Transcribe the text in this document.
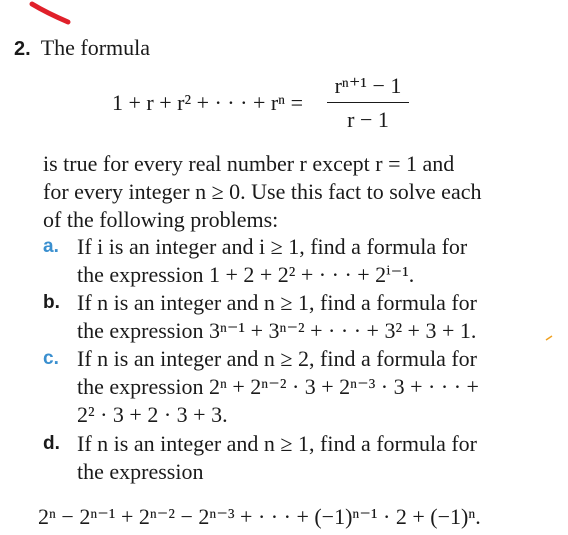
2. The formula
1 + r + r² + · · · + rⁿ =
rⁿ⁺¹ − 1
r − 1

is true for every real number r except r = 1 and

for every integer n ≥ 0. Use this fact to solve each

of the following problems:

a. If i is an integer and i ≥ 1, find a formula for
the expression 1 + 2 + 2² + · · · + 2ⁱ⁻¹.
b. If n is an integer and n ≥ 1, find a formula for
the expression 3ⁿ⁻¹ + 3ⁿ⁻² + · · · + 3² + 3 + 1.
c. If n is an integer and n ≥ 2, find a formula for
the expression 2ⁿ + 2ⁿ⁻² · 3 + 2ⁿ⁻³ · 3 + · · · +
2² · 3 + 2 · 3 + 3.
d. If n is an integer and n ≥ 1, find a formula for
the expression
2ⁿ − 2ⁿ⁻¹ + 2ⁿ⁻² − 2ⁿ⁻³ + · · · + (−1)ⁿ⁻¹ · 2 + (−1)ⁿ.
